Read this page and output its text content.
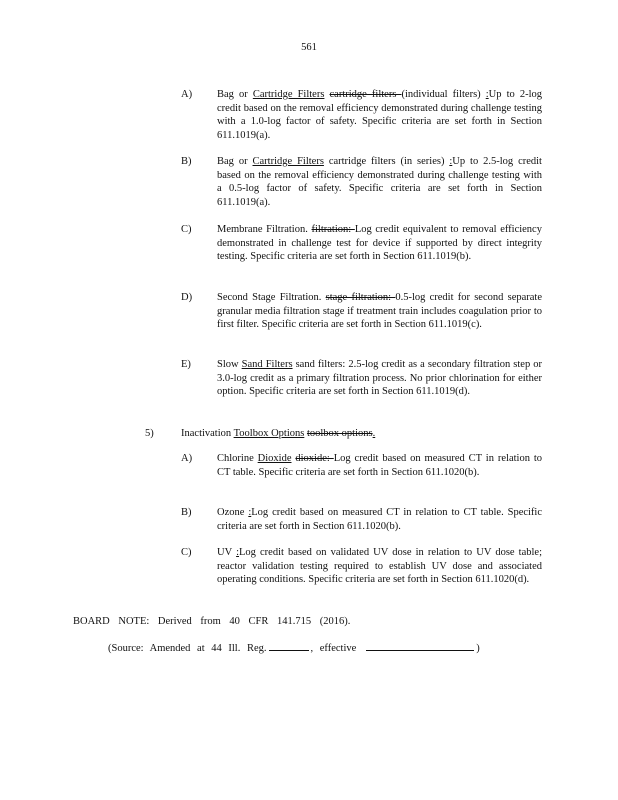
561
A) Bag or Cartridge Filters cartridge filters (individual filters) :Up to 2-log credit based on the removal efficiency demonstrated during challenge testing with a 1.0-log factor of safety. Specific criteria are set forth in Section 611.1019(a).
B) Bag or Cartridge Filters cartridge filters (in series) :Up to 2.5-log credit based on the removal efficiency demonstrated during challenge testing with a 0.5-log factor of safety. Specific criteria are set forth in Section 611.1019(a).
C) Membrane Filtration. filtration: Log credit equivalent to removal efficiency demonstrated in challenge test for device if supported by direct integrity testing. Specific criteria are set forth in Section 611.1019(b).
D) Second Stage Filtration. stage filtration: 0.5-log credit for second separate granular media filtration stage if treatment train includes coagulation prior to first filter. Specific criteria are set forth in Section 611.1019(c).
E) Slow Sand Filters sand filters: 2.5-log credit as a secondary filtration step or 3.0-log credit as a primary filtration process. No prior chlorination for either option. Specific criteria are set forth in Section 611.1019(d).
5)	Inactivation Toolbox Options toolbox options.
A) Chlorine Dioxide dioxide: Log credit based on measured CT in relation to CT table. Specific criteria are set forth in Section 611.1020(b).
B) Ozone :Log credit based on measured CT in relation to CT table. Specific criteria are set forth in Section 611.1020(b).
C) UV :Log credit based on validated UV dose in relation to UV dose table; reactor validation testing required to establish UV dose and associated operating conditions. Specific criteria are set forth in Section 611.1020(d).
BOARD NOTE: Derived from 40 CFR 141.715 (2016).
(Source: Amended at 44 Ill. Reg.	, effective	)
